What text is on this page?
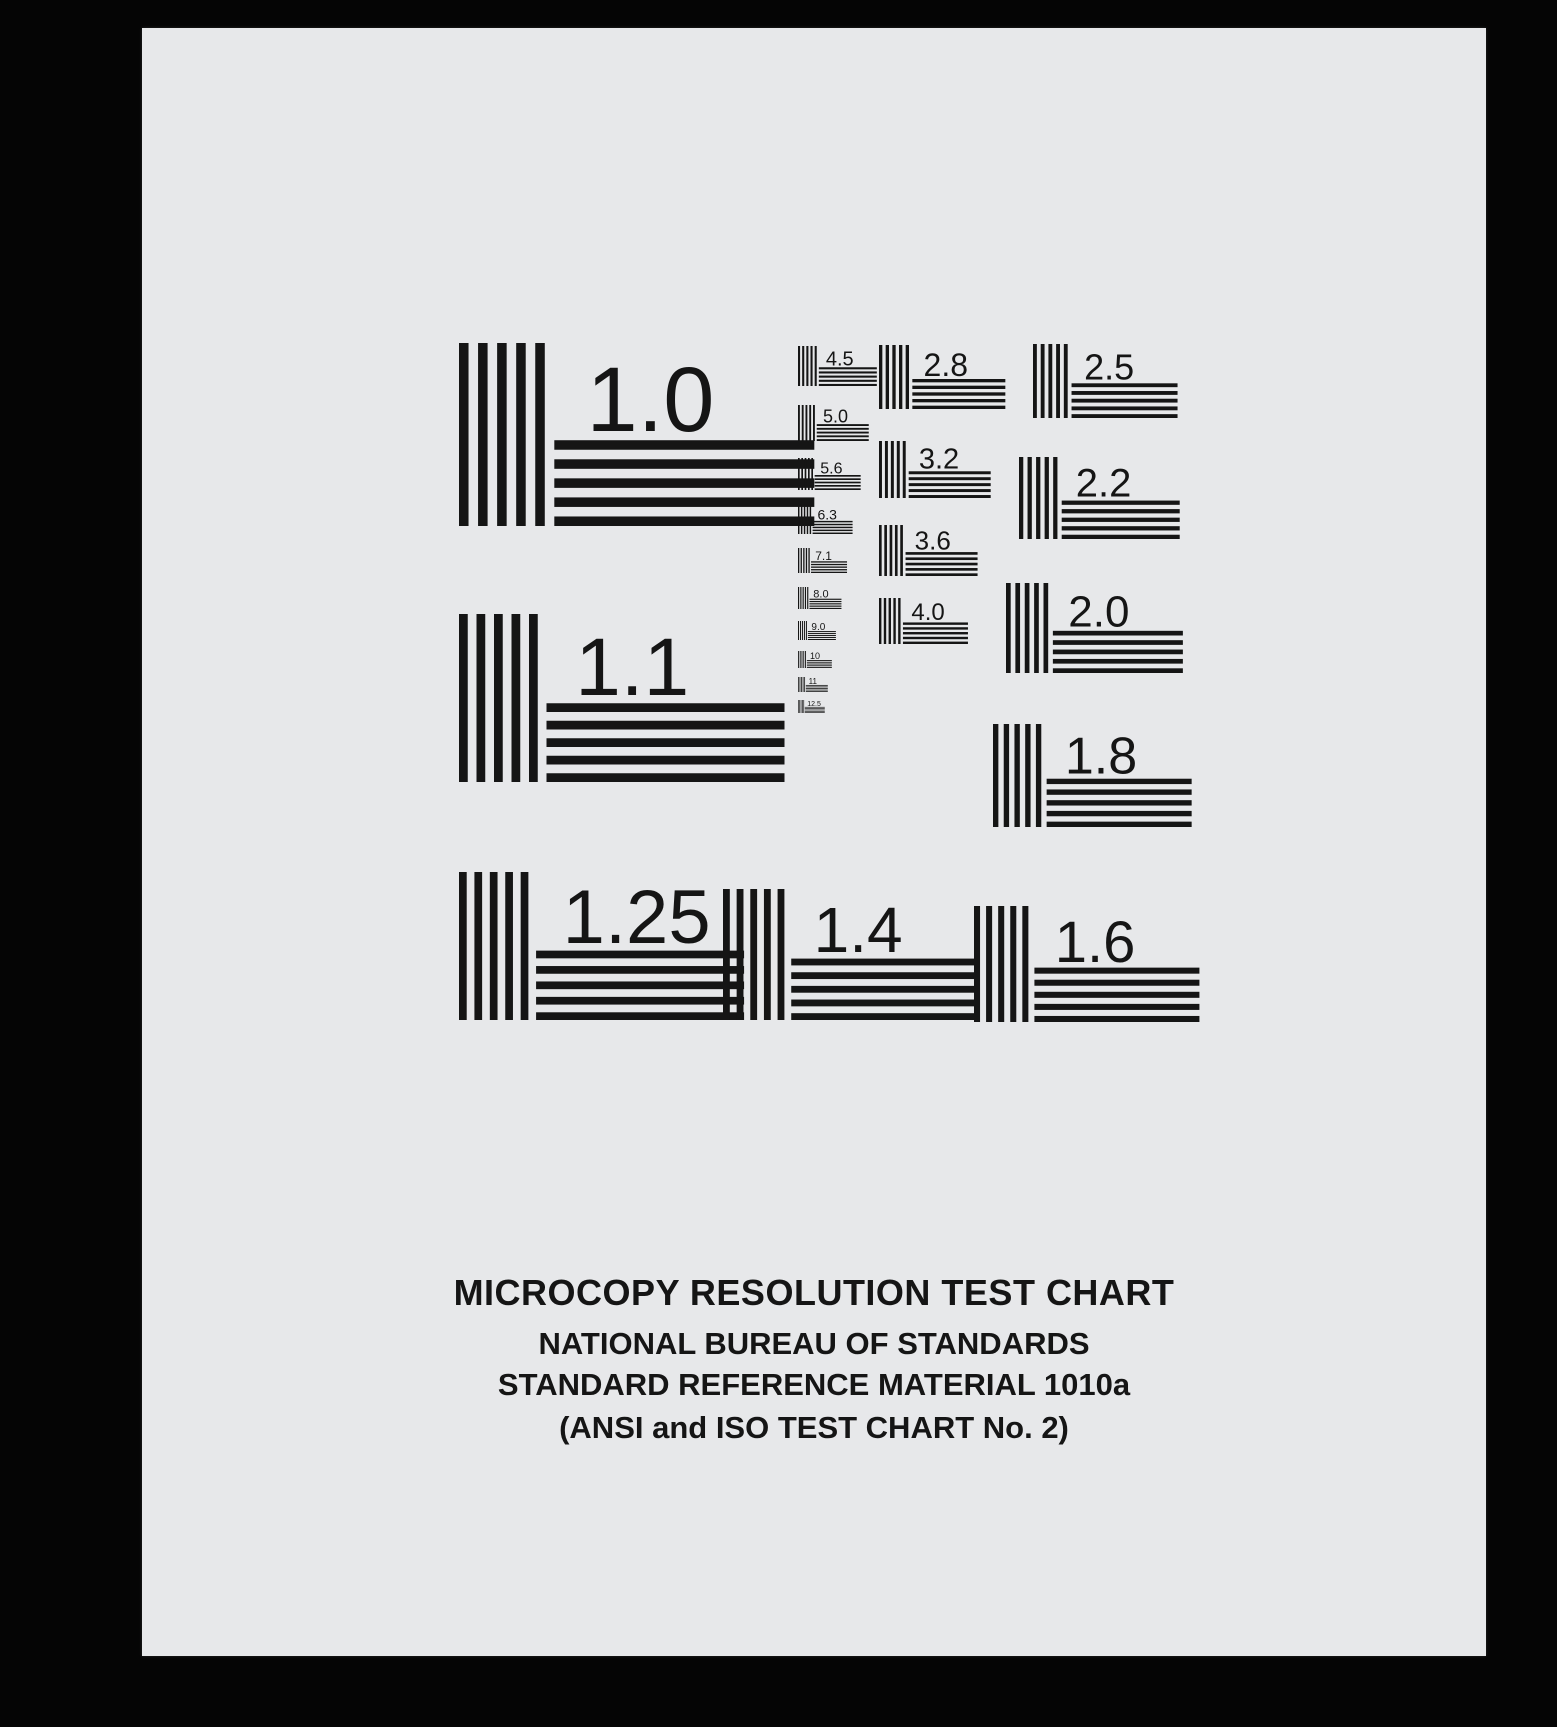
1.0
1.1
1.25 1.4	1.6
1.8
2.0
2.2
2.5
2.8
3.2
3.6
4.0
4.5
5.0
5.6
6.3
7.1
8.0
9.0
10
11
12.5
MICROCOPY RESOLUTION TEST CHART
NATIONAL BUREAU OF STANDARDS
STANDARD REFERENCE MATERIAL 1010a
(ANSI and ISO TEST CHART No. 2)
